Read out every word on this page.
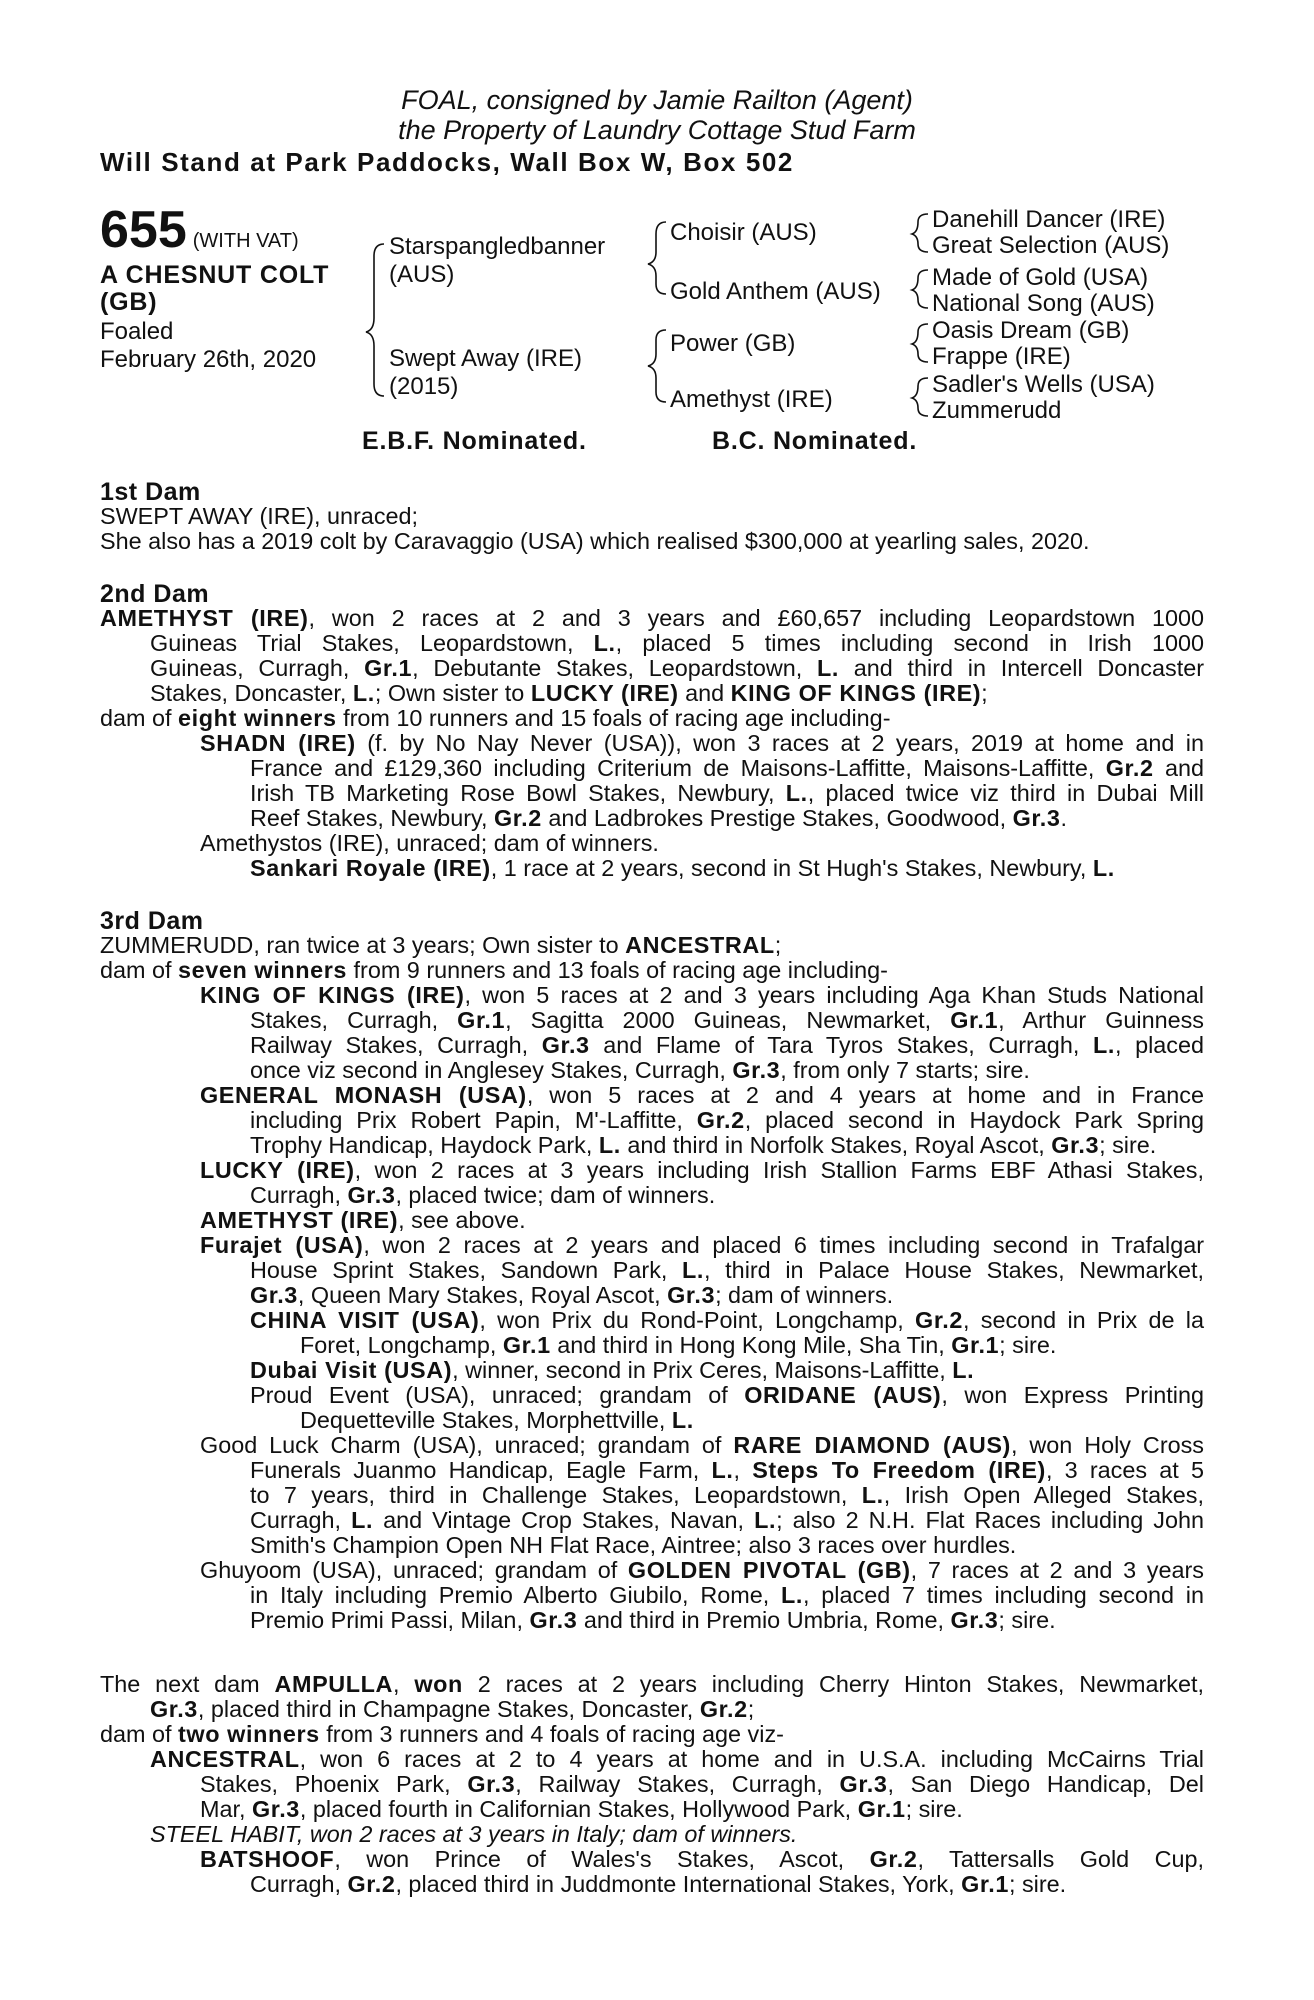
FOAL, consigned by Jamie Railton (Agent)
the Property of Laundry Cottage Stud Farm
Will Stand at Park Paddocks, Wall Box W, Box 502
655 (WITH VAT)
A CHESNUT COLT
(GB)
Foaled
February 26th, 2020
Starspangledbanner
(AUS)
Swept Away (IRE)
(2015)
Choisir (AUS)
Gold Anthem (AUS)
Power (GB)
Amethyst (IRE)
Danehill Dancer (IRE)
Great Selection (AUS)
Made of Gold (USA)
National Song (AUS)
Oasis Dream (GB)
Frappe (IRE)
Sadler's Wells (USA)
Zummerudd
E.B.F. Nominated.	B.C. Nominated.
1st Dam
SWEPT AWAY (IRE), unraced;
She also has a 2019 colt by Caravaggio (USA) which realised $300,000 at yearling sales, 2020.
2nd Dam
AMETHYST (IRE), won 2 races at 2 and 3 years and £60,657 including Leopardstown 1000
Guineas Trial Stakes, Leopardstown, L., placed 5 times including second in Irish 1000
Guineas, Curragh, Gr.1, Debutante Stakes, Leopardstown, L. and third in Intercell Doncaster
Stakes, Doncaster, L.; Own sister to LUCKY (IRE) and KING OF KINGS (IRE);
dam of eight winners from 10 runners and 15 foals of racing age including-
SHADN (IRE) (f. by No Nay Never (USA)), won 3 races at 2 years, 2019 at home and in
France and £129,360 including Criterium de Maisons-Laffitte, Maisons-Laffitte, Gr.2 and
Irish TB Marketing Rose Bowl Stakes, Newbury, L., placed twice viz third in Dubai Mill
Reef Stakes, Newbury, Gr.2 and Ladbrokes Prestige Stakes, Goodwood, Gr.3.
Amethystos (IRE), unraced; dam of winners.
Sankari Royale (IRE), 1 race at 2 years, second in St Hugh's Stakes, Newbury, L.
3rd Dam
ZUMMERUDD, ran twice at 3 years; Own sister to ANCESTRAL;
dam of seven winners from 9 runners and 13 foals of racing age including-
KING OF KINGS (IRE), won 5 races at 2 and 3 years including Aga Khan Studs National
Stakes, Curragh, Gr.1, Sagitta 2000 Guineas, Newmarket, Gr.1, Arthur Guinness
Railway Stakes, Curragh, Gr.3 and Flame of Tara Tyros Stakes, Curragh, L., placed
once viz second in Anglesey Stakes, Curragh, Gr.3, from only 7 starts; sire.
GENERAL MONASH (USA), won 5 races at 2 and 4 years at home and in France
including Prix Robert Papin, M'-Laffitte, Gr.2, placed second in Haydock Park Spring
Trophy Handicap, Haydock Park, L. and third in Norfolk Stakes, Royal Ascot, Gr.3; sire.
LUCKY (IRE), won 2 races at 3 years including Irish Stallion Farms EBF Athasi Stakes,
Curragh, Gr.3, placed twice; dam of winners.
AMETHYST (IRE), see above.
Furajet (USA), won 2 races at 2 years and placed 6 times including second in Trafalgar
House Sprint Stakes, Sandown Park, L., third in Palace House Stakes, Newmarket,
Gr.3, Queen Mary Stakes, Royal Ascot, Gr.3; dam of winners.
CHINA VISIT (USA), won Prix du Rond-Point, Longchamp, Gr.2, second in Prix de la
Foret, Longchamp, Gr.1 and third in Hong Kong Mile, Sha Tin, Gr.1; sire.
Dubai Visit (USA), winner, second in Prix Ceres, Maisons-Laffitte, L.
Proud Event (USA), unraced; grandam of ORIDANE (AUS), won Express Printing
Dequetteville Stakes, Morphettville, L.
Good Luck Charm (USA), unraced; grandam of RARE DIAMOND (AUS), won Holy Cross
Funerals Juanmo Handicap, Eagle Farm, L., Steps To Freedom (IRE), 3 races at 5
to 7 years, third in Challenge Stakes, Leopardstown, L., Irish Open Alleged Stakes,
Curragh, L. and Vintage Crop Stakes, Navan, L.; also 2 N.H. Flat Races including John
Smith's Champion Open NH Flat Race, Aintree; also 3 races over hurdles.
Ghuyoom (USA), unraced; grandam of GOLDEN PIVOTAL (GB), 7 races at 2 and 3 years
in Italy including Premio Alberto Giubilo, Rome, L., placed 7 times including second in
Premio Primi Passi, Milan, Gr.3 and third in Premio Umbria, Rome, Gr.3; sire.
The next dam AMPULLA, won 2 races at 2 years including Cherry Hinton Stakes, Newmarket,
Gr.3, placed third in Champagne Stakes, Doncaster, Gr.2;
dam of two winners from 3 runners and 4 foals of racing age viz-
ANCESTRAL, won 6 races at 2 to 4 years at home and in U.S.A. including McCairns Trial
Stakes, Phoenix Park, Gr.3, Railway Stakes, Curragh, Gr.3, San Diego Handicap, Del
Mar, Gr.3, placed fourth in Californian Stakes, Hollywood Park, Gr.1; sire.
STEEL HABIT, won 2 races at 3 years in Italy; dam of winners.
BATSHOOF, won Prince of Wales's Stakes, Ascot, Gr.2, Tattersalls Gold Cup,
Curragh, Gr.2, placed third in Juddmonte International Stakes, York, Gr.1; sire.
